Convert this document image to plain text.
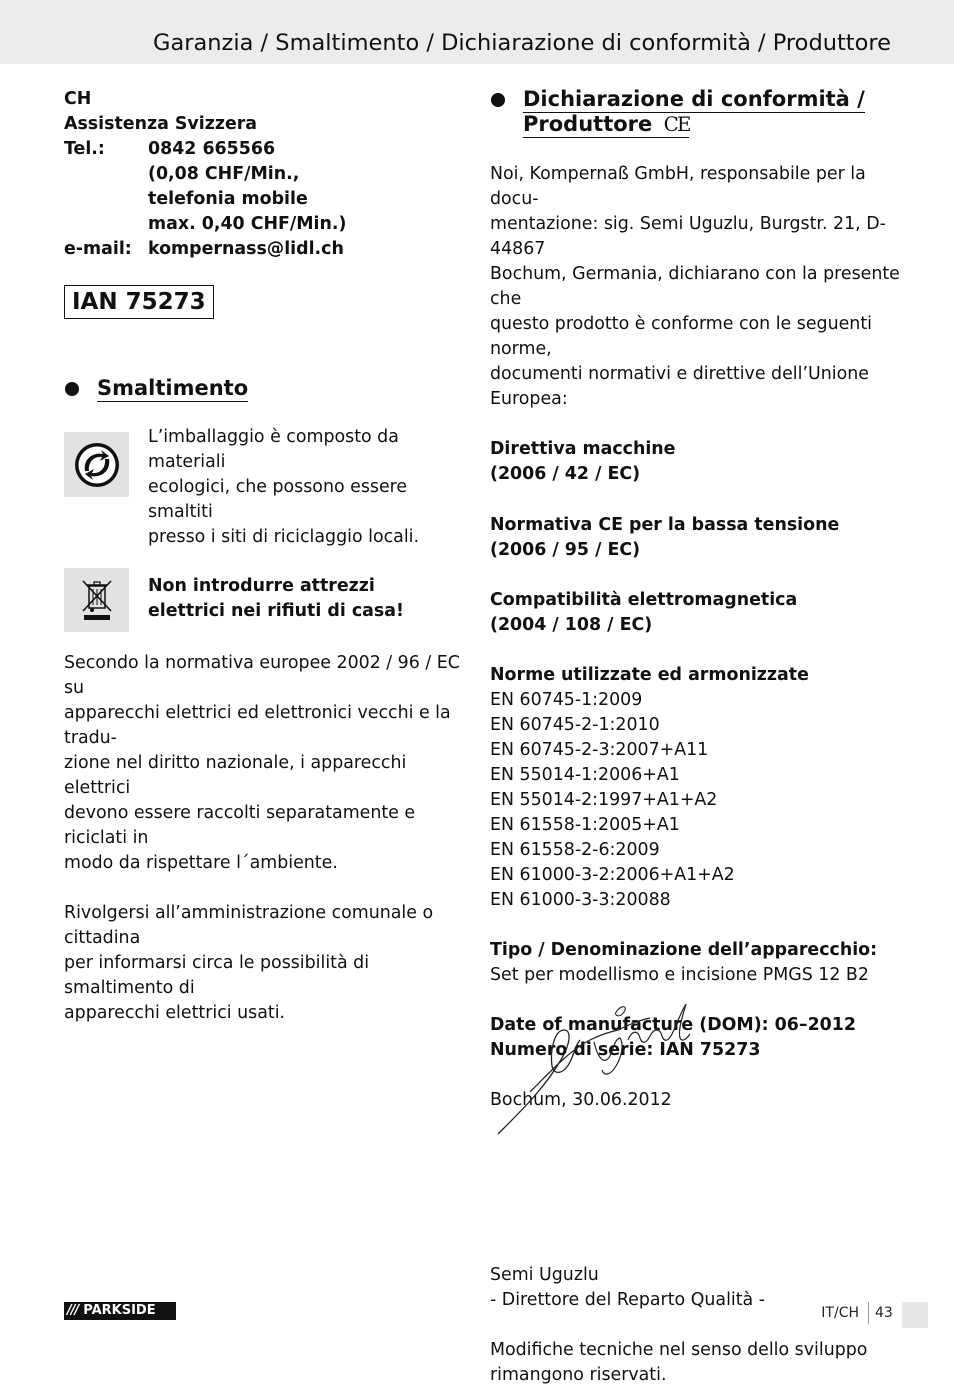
Garanzia / Smaltimento / Dichiarazione di conformità / Produttore
CH
Assistenza Svizzera
Tel.:	0842 665566
(0,08 CHF/Min.,
telefonia mobile
max. 0,40 CHF/Min.)
e-mail: kompernass@lidl.ch
IAN 75273
Smaltimento
L’imballaggio è composto da materiali
ecologici, che possono essere smaltiti
presso i siti di riciclaggio locali.
Non introdurre attrezzi
elettrici nei rifiuti di casa!
Secondo la normativa europee 2002 / 96 / EC su
apparecchi elettrici ed elettronici vecchi e la tradu-
zione nel diritto nazionale, i apparecchi elettrici
devono essere raccolti separatamente e riciclati in
modo da rispettare l´ambiente.
Rivolgersi all’amministrazione comunale o cittadina
per informarsi circa le possibilità di smaltimento di
apparecchi elettrici usati.
Dichiarazione di conformità /
Produttore CE
Noi, Kompernaß GmbH, responsabile per la docu-
mentazione: sig. Semi Uguzlu, Burgstr. 21, D-44867
Bochum, Germania, dichiarano con la presente che
questo prodotto è conforme con le seguenti norme,
documenti normativi e direttive dell’Unione Europea:
Direttiva macchine
(2006 / 42 / EC)
Normativa CE per la bassa tensione
(2006 / 95 / EC)
Compatibilità elettromagnetica
(2004 / 108 / EC)
Norme utilizzate ed armonizzate
EN 60745-1:2009
EN 60745-2-1:2010
EN 60745-2-3:2007+A11
EN 55014-1:2006+A1
EN 55014-2:1997+A1+A2
EN 61558-1:2005+A1
EN 61558-2-6:2009
EN 61000-3-2:2006+A1+A2
EN 61000-3-3:20088
Tipo / Denominazione dell’apparecchio:
Set per modellismo e incisione PMGS 12 B2
Date of manufacture (DOM): 06–2012
Numero di serie: IAN 75273
Bochum, 30.06.2012
Semi Uguzlu
- Direttore del Reparto Qualità -
Modifiche tecniche nel senso dello sviluppo
rimangono riservati.
/// PARKSIDE	IT/CH 43
